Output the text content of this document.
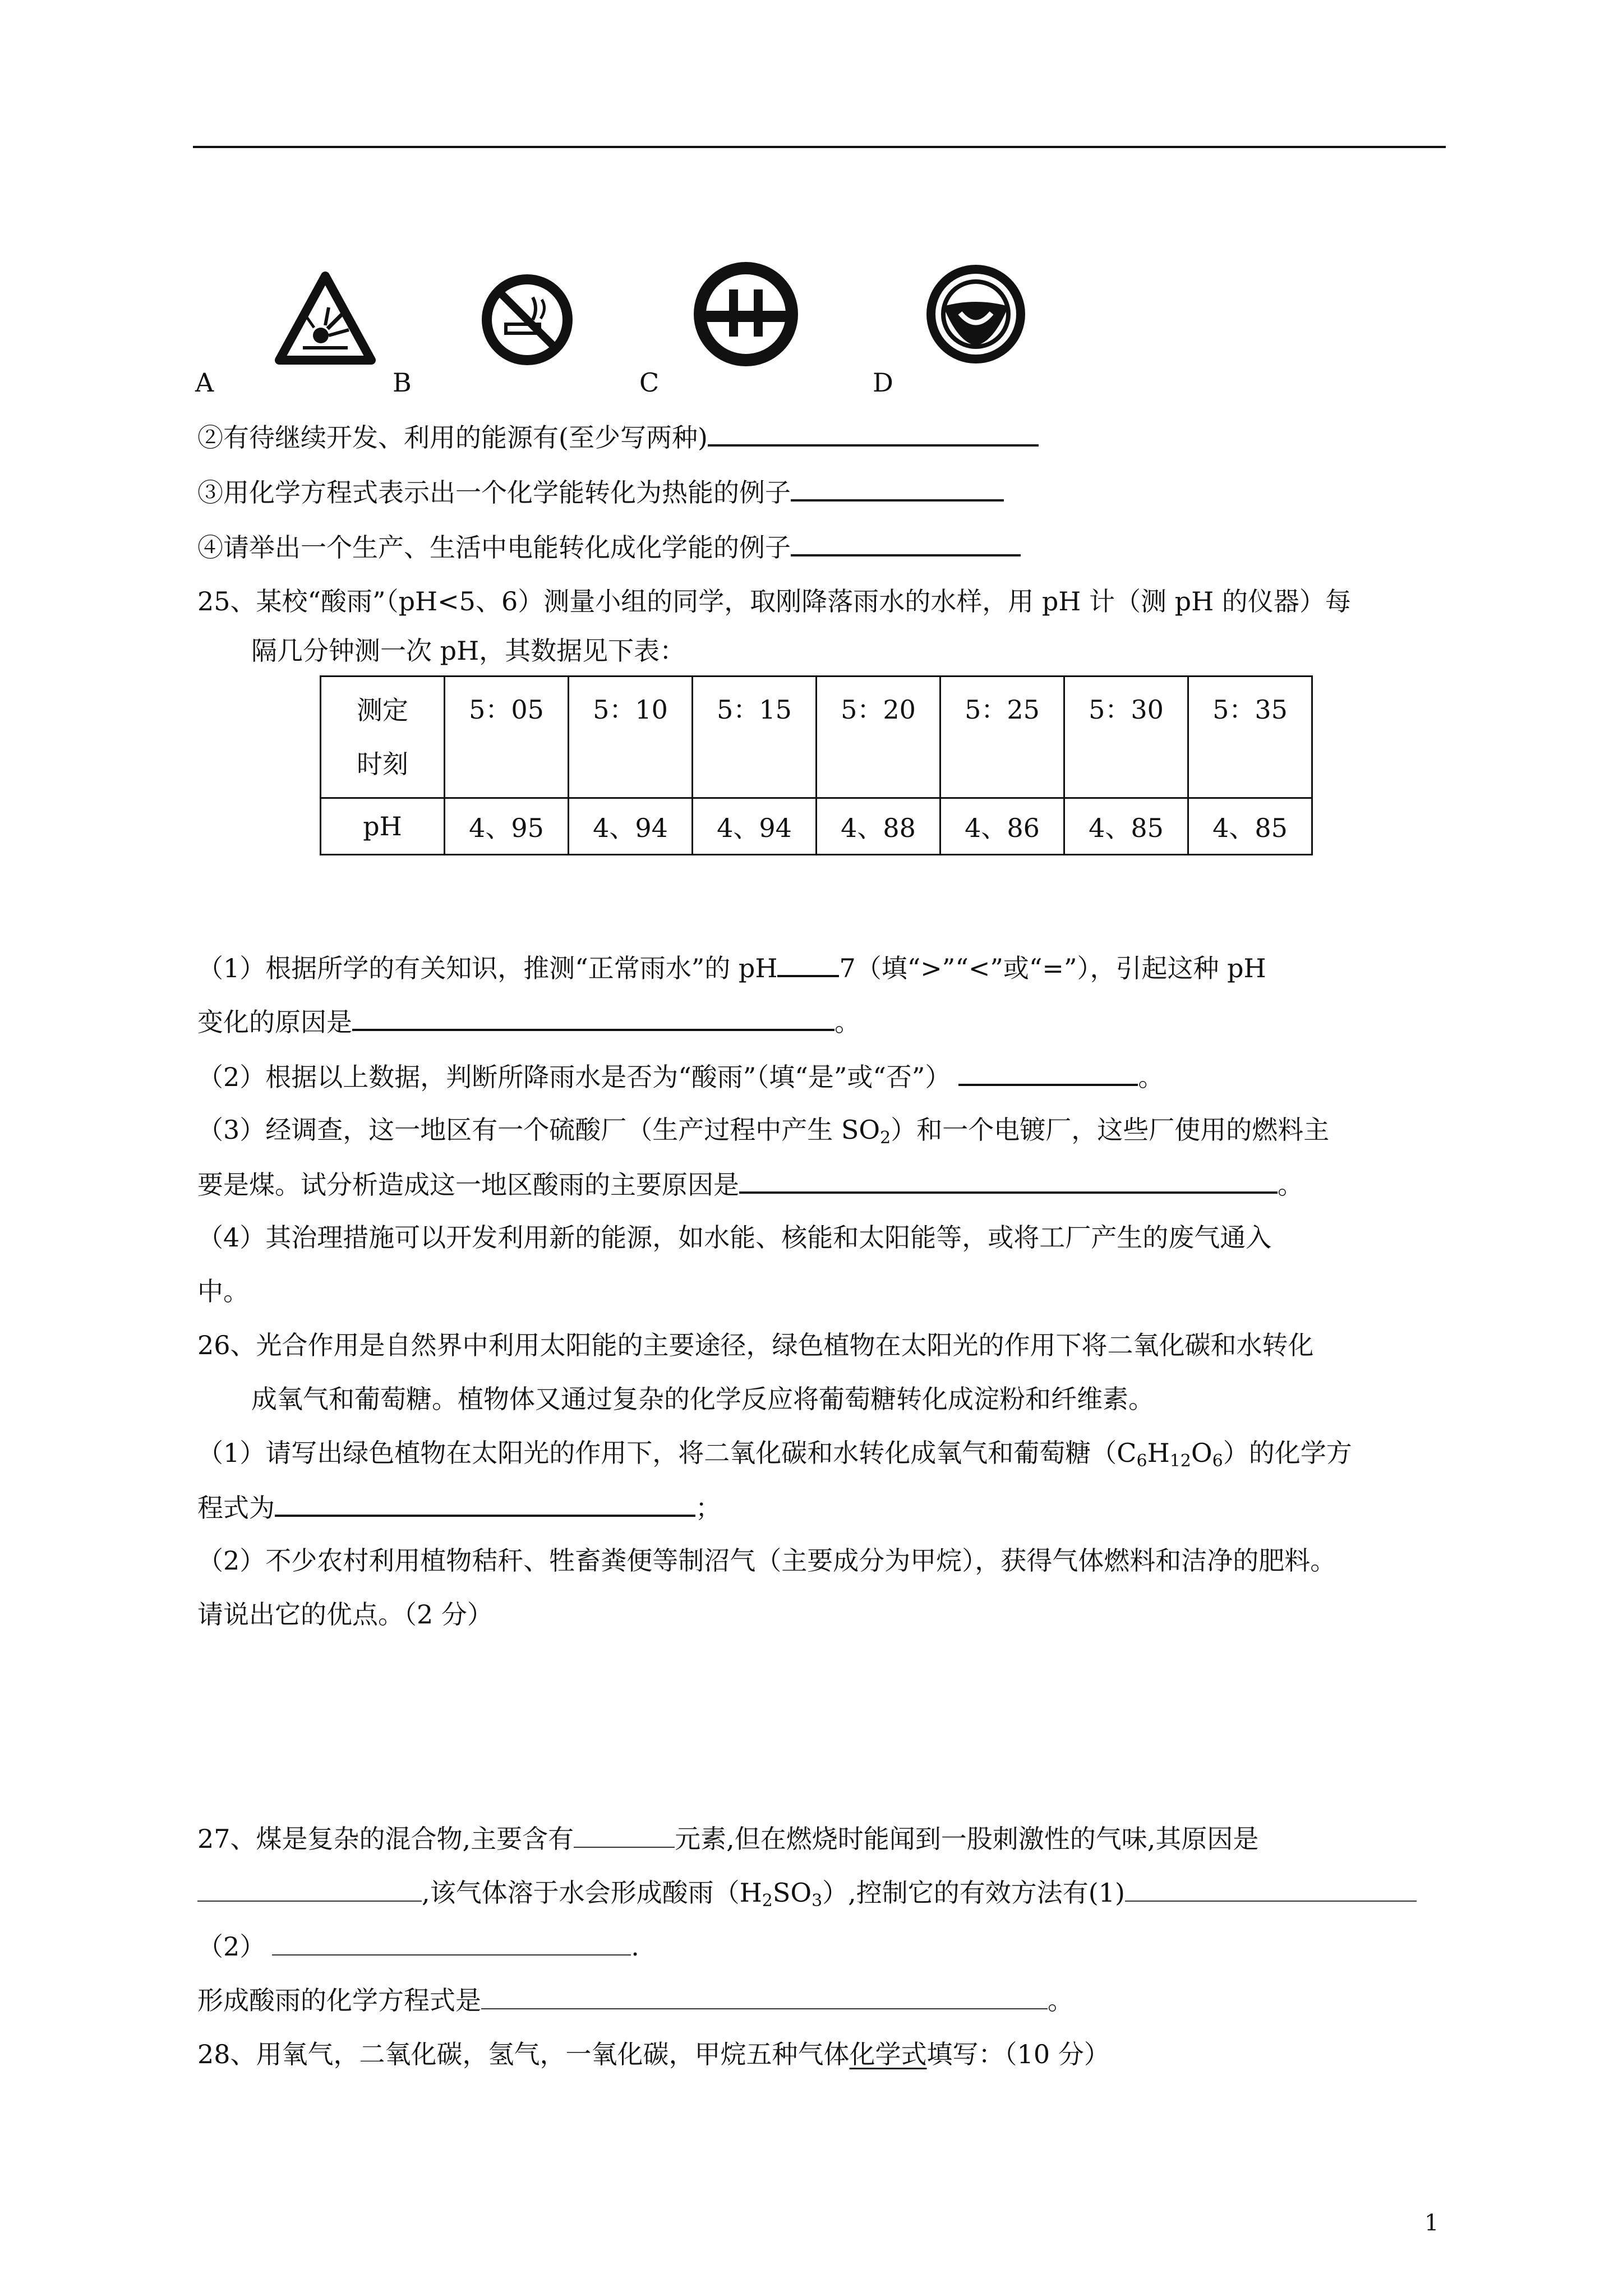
A	B	C	D
②有待继续开发、利用的能源有(至少写两种)
③用化学方程式表示出一个化学能转化为热能的例子
④请举出一个生产、生活中电能转化成化学能的例子
25、某校“酸雨”（pH<5、6）测量小组的同学，取刚降落雨水的水样，用 pH 计（测 pH 的仪器）每
隔几分钟测一次 pH，其数据见下表：
测定
时刻	5：05	5：10	5：15	5：20	5：25	5：30	5：35
pH	4、95	4、94	4、94	4、88	4、86	4、85	4、85
（1）根据所学的有关知识，推测“正常雨水”的 pH 7（填“>”“<”或“=”），引起这种 pH
变化的原因是	。
（2）根据以上数据，判断所降雨水是否为“酸雨”（填“是”或“否”）	。
（3）经调查，这一地区有一个硫酸厂（生产过程中产生 $SO_2$）和一个电镀厂，这些厂使用的燃料主
要是煤。试分析造成这一地区酸雨的主要原因是	。
（4）其治理措施可以开发利用新的能源，如水能、核能和太阳能等，或将工厂产生的废气通入
中。
26、光合作用是自然界中利用太阳能的主要途径，绿色植物在太阳光的作用下将二氧化碳和水转化
成氧气和葡萄糖。植物体又通过复杂的化学反应将葡萄糖转化成淀粉和纤维素。
（1）请写出绿色植物在太阳光的作用下，将二氧化碳和水转化成氧气和葡萄糖$(C_6H_{12}O_6)$的化学方
程式为	；
（2）不少农村利用植物秸秆、牲畜粪便等制沼气（主要成分为甲烷），获得气体燃料和洁净的肥料。
请说出它的优点。（2 分）
27、煤是复杂的混合物,主要含有	元素,但在燃烧时能闻到一股刺激性的气味,其原因是
,该气体溶于水会形成酸雨$(H_2SO_3)$,控制它的有效方法有(1)
（2）	.
形成酸雨的化学方程式是	。
28、用氧气，二氧化碳，氢气，一氧化碳，甲烷五种气体化学式填写：（10 分）
1
